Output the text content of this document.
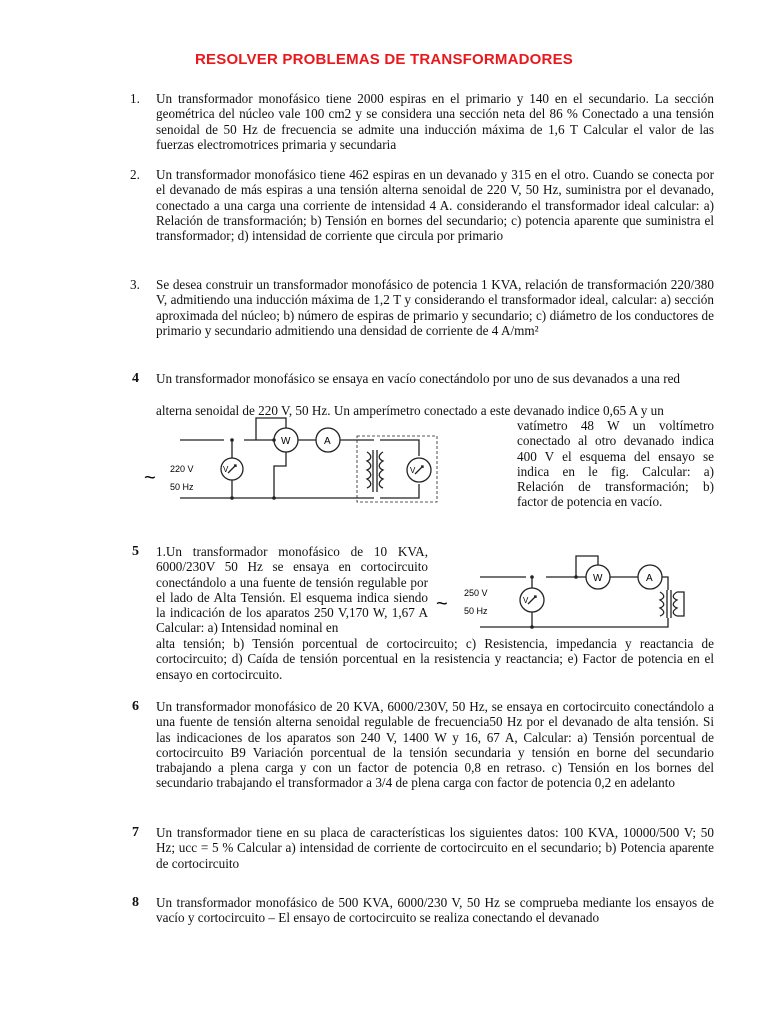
RESOLVER PROBLEMAS DE TRANSFORMADORES
1. Un transformador monofásico tiene 2000 espiras en el primario y 140 en el secundario. La sección geométrica del núcleo vale 100 cm2 y se considera una sección neta del 86 % Conectado a una tensión senoidal de 50 Hz de frecuencia se admite una inducción máxima de 1,6 T Calcular el valor de las fuerzas electromotrices primaria y secundaria
2. Un transformador monofásico tiene 462 espiras en un devanado y 315 en el otro. Cuando se conecta por el devanado de más espiras a una tensión alterna senoidal de 220 V, 50 Hz, suministra por el devanado, conectado a una carga una corriente de intensidad 4 A. considerando el transformador ideal calcular: a) Relación de transformación; b) Tensión en bornes del secundario; c) potencia aparente que suministra el transformador; d) intensidad de corriente que circula por primario
3. Se desea construir un transformador monofásico de potencia 1 KVA, relación de transformación 220/380 V, admitiendo una inducción máxima de 1,2 T y considerando el transformador ideal, calcular: a) sección aproximada del núcleo; b) número de espiras de primario y secundario; c) diámetro de los conductores de primario y secundario admitiendo una densidad de corriente de 4 A/mm²
4 Un transformador monofásico se ensaya en vacío conectándolo por uno de sus devanados a una red
alterna senoidal de 220 V, 50 Hz. Un amperímetro conectado a este devanado indice 0,65 A y un
vatímetro 48 W un voltímetro conectado al otro devanado indica 400 V el esquema del ensayo se indica en le fig. Calcular: a) Relación de transformación; b) factor de potencia en vacío.
~ 220 V
50 Hz
W	A
V	V
5 1.Un transformador monofásico de 10 KVA, 6000/230V 50 Hz se ensaya en cortocircuito conectándolo a una fuente de tensión regulable por el lado de Alta Tensión. El esquema indica siendo la indicación de los aparatos 250 V,170 W, 1,67 A Calcular: a) Intensidad nominal en
alta tensión; b) Tensión porcentual de cortocircuito; c) Resistencia, impedancia y reactancia de cortocircuito; d) Caída de tensión porcentual en la resistencia y reactancia; e) Factor de potencia en el ensayo en cortocircuito.
~ 250 V
50 Hz
W	A
V
6 Un transformador monofásico de 20 KVA, 6000/230V, 50 Hz, se ensaya en cortocircuito conectándolo a una fuente de tensión alterna senoidal regulable de frecuencia50 Hz por el devanado de alta tensión. Si las indicaciones de los aparatos son 240 V, 1400 W y 16, 67 A, Calcular: a) Tensión porcentual de cortocircuito B9 Variación porcentual de la tensión secundaria y tensión en borne del secundario trabajando a plena carga y con un factor de potencia 0,8 en retraso. c) Tensión en los bornes del secundario trabajando el transformador a 3/4 de plena carga con factor de potencia 0,2 en adelanto
7 Un transformador tiene en su placa de características los siguientes datos: 100 KVA, 10000/500 V; 50 Hz; ucc = 5 % Calcular a) intensidad de corriente de cortocircuito en el secundario; b) Potencia aparente de cortocircuito
8 Un transformador monofásico de 500 KVA, 6000/230 V, 50 Hz se comprueba mediante los ensayos de vacío y cortocircuito – El ensayo de cortocircuito se realiza conectando el devanado
